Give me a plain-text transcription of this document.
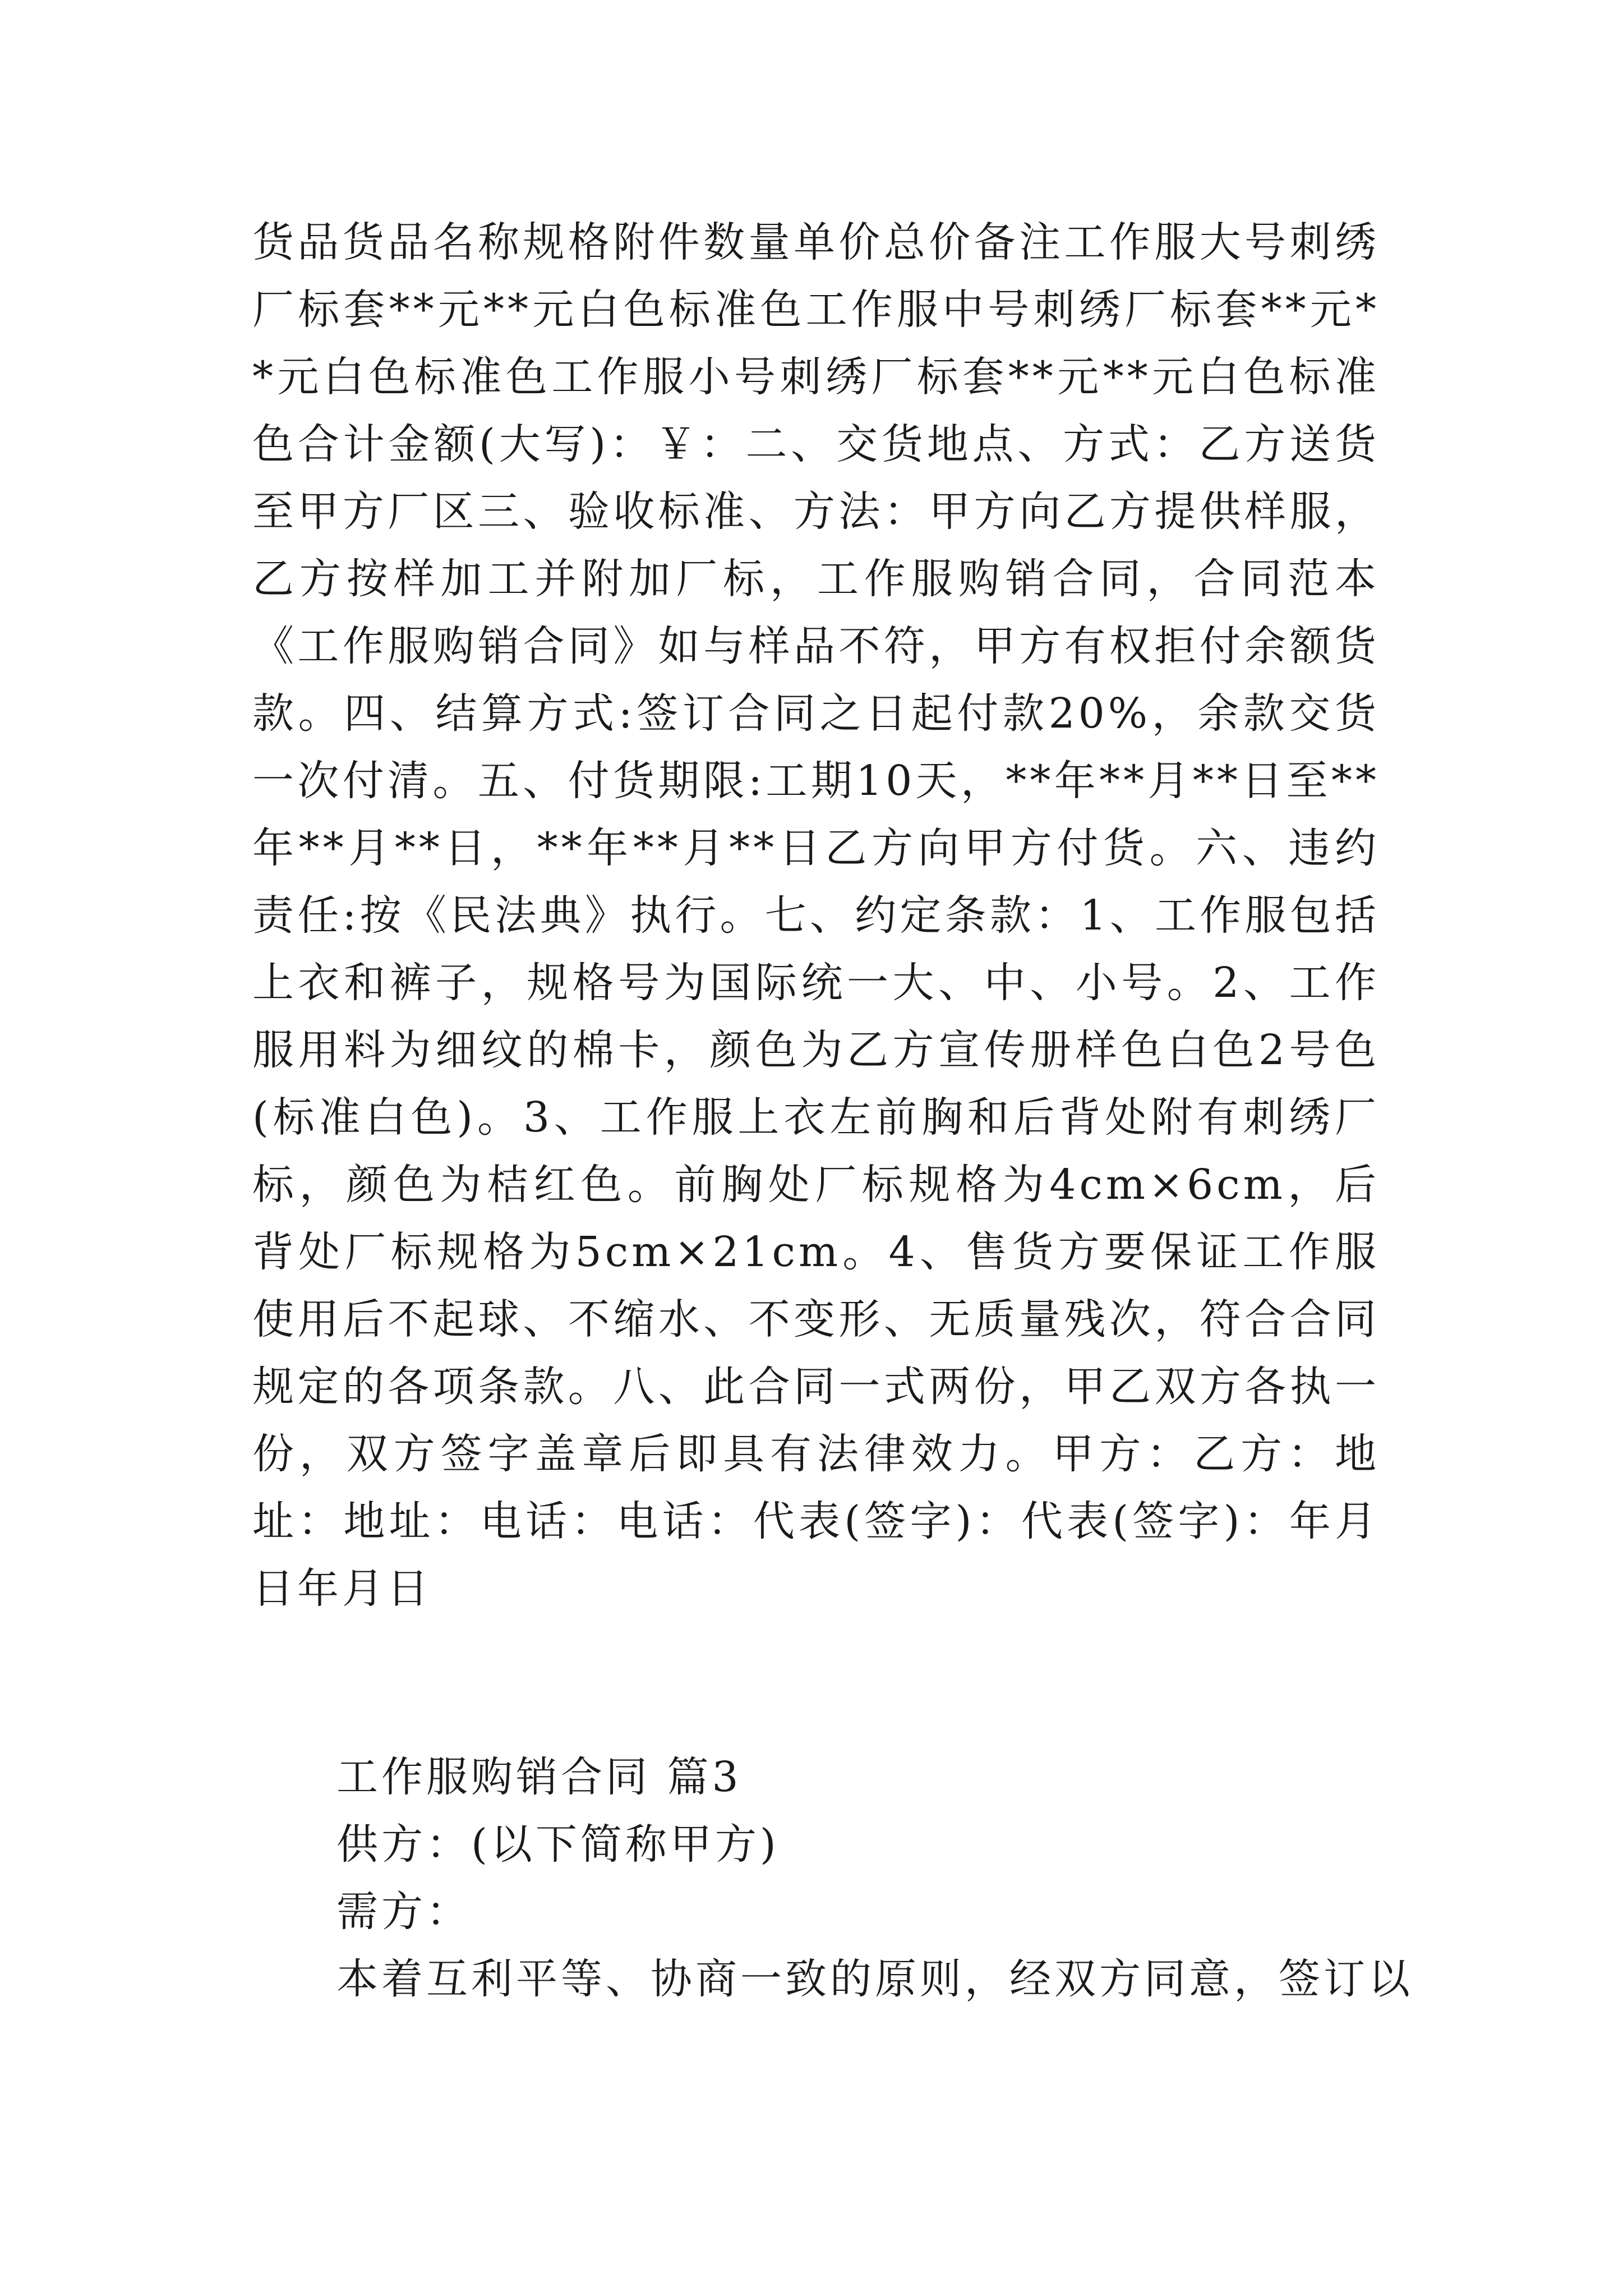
货品货品名称规格附件数量单价总价备注工作服大号刺绣厂标套**元**元白色标准色工作服中号刺绣厂标套**元**元白色标准色工作服小号刺绣厂标套**元**元白色标准色合计金额(大写)：￥：二、交货地点、方式：乙方送货至甲方厂区三、验收标准、方法：甲方向乙方提供样服，乙方按样加工并附加厂标，工作服购销合同，合同范本《工作服购销合同》如与样品不符，甲方有权拒付余额货款。四、结算方式:签订合同之日起付款20%，余款交货一次付清。五、付货期限:工期10天，**年**月**日至**年**月**日，**年**月**日乙方向甲方付货。六、违约责任:按《民法典》执行。七、约定条款：1、工作服包括上衣和裤子，规格号为国际统一大、中、小号。2、工作服用料为细纹的棉卡，颜色为乙方宣传册样色白色2号色(标准白色)。3、工作服上衣左前胸和后背处附有刺绣厂标，颜色为桔红色。前胸处厂标规格为4cm×6cm，后背处厂标规格为5cm×21cm。4、售货方要保证工作服使用后不起球、不缩水、不变形、无质量残次，符合合同规定的各项条款。八、此合同一式两份，甲乙双方各执一份，双方签字盖章后即具有法律效力。甲方：乙方：地址：地址：电话：电话：代表(签字)：代表(签字)：年月日年月日

工作服购销合同 篇3

供方：(以下简称甲方)

需方：

本着互利平等、协商一致的原则，经双方同意，签订以
